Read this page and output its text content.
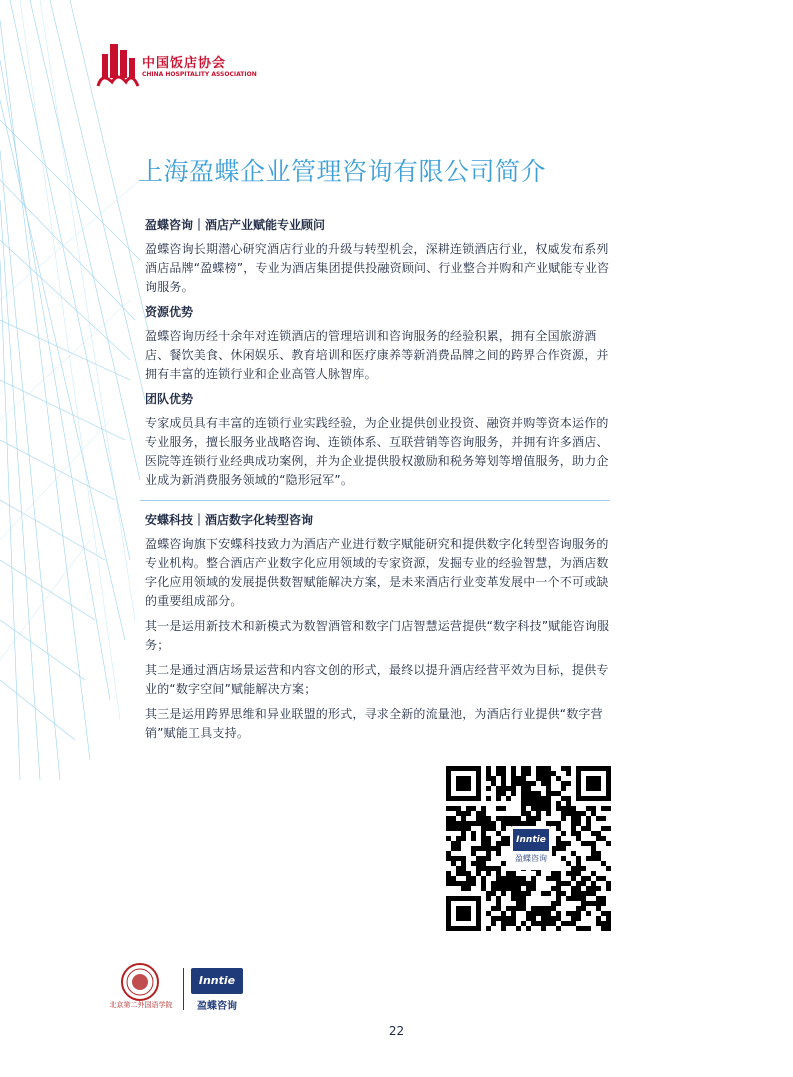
中国饭店协会
CHINA HOSPITALITY ASSOCIATION
上海盈蝶企业管理咨询有限公司简介
盈蝶咨询｜酒店产业赋能专业顾问

盈蝶咨询长期潜心研究酒店行业的升级与转型机会，深耕连锁酒店行业，权威发布系列酒店品牌“盈蝶榜”，专业为酒店集团提供投融资顾问、行业整合并购和产业赋能专业咨询服务。

资源优势

盈蝶咨询历经十余年对连锁酒店的管理培训和咨询服务的经验积累，拥有全国旅游酒店、餐饮美食、休闲娱乐、教育培训和医疗康养等新消费品牌之间的跨界合作资源，并拥有丰富的连锁行业和企业高管人脉智库。

团队优势

专家成员具有丰富的连锁行业实践经验，为企业提供创业投资、融资并购等资本运作的专业服务，擅长服务业战略咨询、连锁体系、互联营销等咨询服务，并拥有许多酒店、医院等连锁行业经典成功案例，并为企业提供股权激励和税务筹划等增值服务，助力企业成为新消费服务领域的“隐形冠军”。

安蝶科技｜酒店数字化转型咨询

盈蝶咨询旗下安蝶科技致力为酒店产业进行数字赋能研究和提供数字化转型咨询服务的专业机构。整合酒店产业数字化应用领域的专家资源，发掘专业的经验智慧，为酒店数字化应用领域的发展提供数智赋能解决方案，是未来酒店行业变革发展中一个不可或缺的重要组成部分。

其一是运用新技术和新模式为数智酒管和数字门店智慧运营提供“数字科技”赋能咨询服务；

其二是通过酒店场景运营和内容文创的形式，最终以提升酒店经营平效为目标，提供专业的“数字空间”赋能解决方案；

其三是运用跨界思维和异业联盟的形式，寻求全新的流量池，为酒店行业提供“数字营销”赋能工具支持。

Inntie
盈蝶咨询
北京第二外国语学院
Inntie
盈蝶咨询
22
